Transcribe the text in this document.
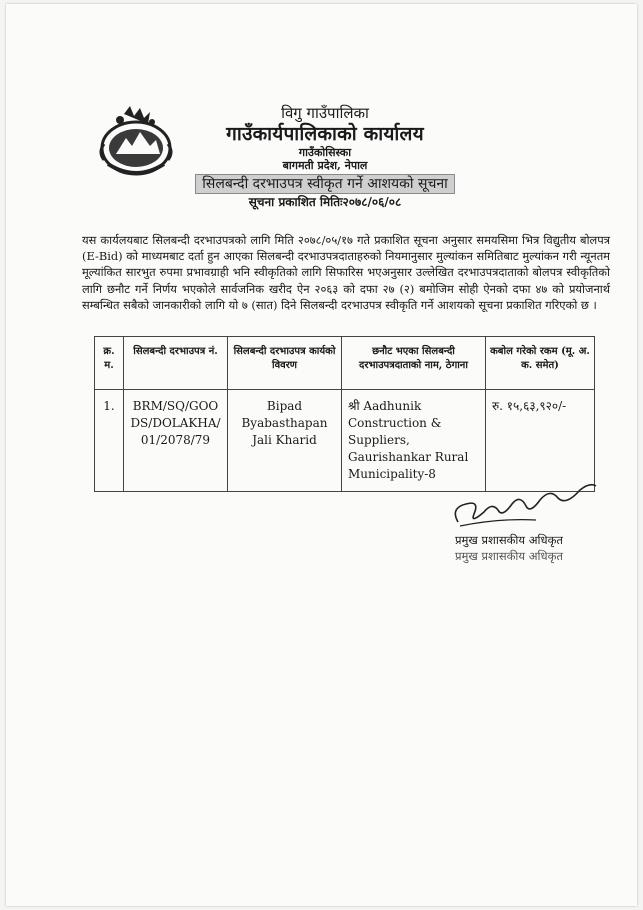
विगु गाउँपालिका
गाउँकार्यपालिकाको कार्यालय
गाउँकोसिस्का
बागमती प्रदेश, नेपाल
सिलबन्दी दरभाउपत्र स्वीकृत गर्ने आशयको सूचना
सूचना प्रकाशित मितिः२०७८/०६/०८
यस कार्यलयबाट सिलबन्दी दरभाउपत्रको लागि मिति २०७८/०५/१७ गते प्रकाशित सूचना अनुसार समयसिमा भित्र विद्युतीय बोलपत्र (E-Bid) को माध्यमबाट दर्ता हुन आएका सिलबन्दी दरभाउपत्रदाताहरुको नियमानुसार मुल्यांकन समितिबाट मुल्यांकन गरी न्यूनतम मूल्यांकित सारभुत रुपमा प्रभावग्राही भनि स्वीकृतिको लागि सिफारिस भएअनुसार उल्लेखित दरभाउपत्रदाताको बोलपत्र स्वीकृतिको लागि छनौट गर्ने निर्णय भएकोले सार्वजनिक खरीद ऐन २०६३ को दफा २७ (२) बमोजिम सोही ऐनको दफा ४७ को प्रयोजनार्थ सम्बन्धित सबैको जानकारीको लागि यो ७ (सात) दिने सिलबन्दी दरभाउपत्र स्वीकृति गर्ने आशयको सूचना प्रकाशित गरिएको छ ।
क्र. म.	सिलबन्दी दरभाउपत्र नं.	सिलबन्दी दरभाउपत्र कार्यको विवरण	छनौट भएका सिलबन्दी दरभाउपत्रदाताको नाम, ठेगाना	कबोल गरेको रकम (मू. अ. क. समेत)
1.	BRM/SQ/GOODS/DOLAKHA/01/2078/79	Bipad Byabasthapan Jali Kharid	श्री Aadhunik Construction & Suppliers, Gaurishankar Rural Municipality-8	रु. १५,६३,९२०/-
प्रमुख प्रशासकीय अधिकृत
प्रमुख प्रशासकीय अधिकृत
